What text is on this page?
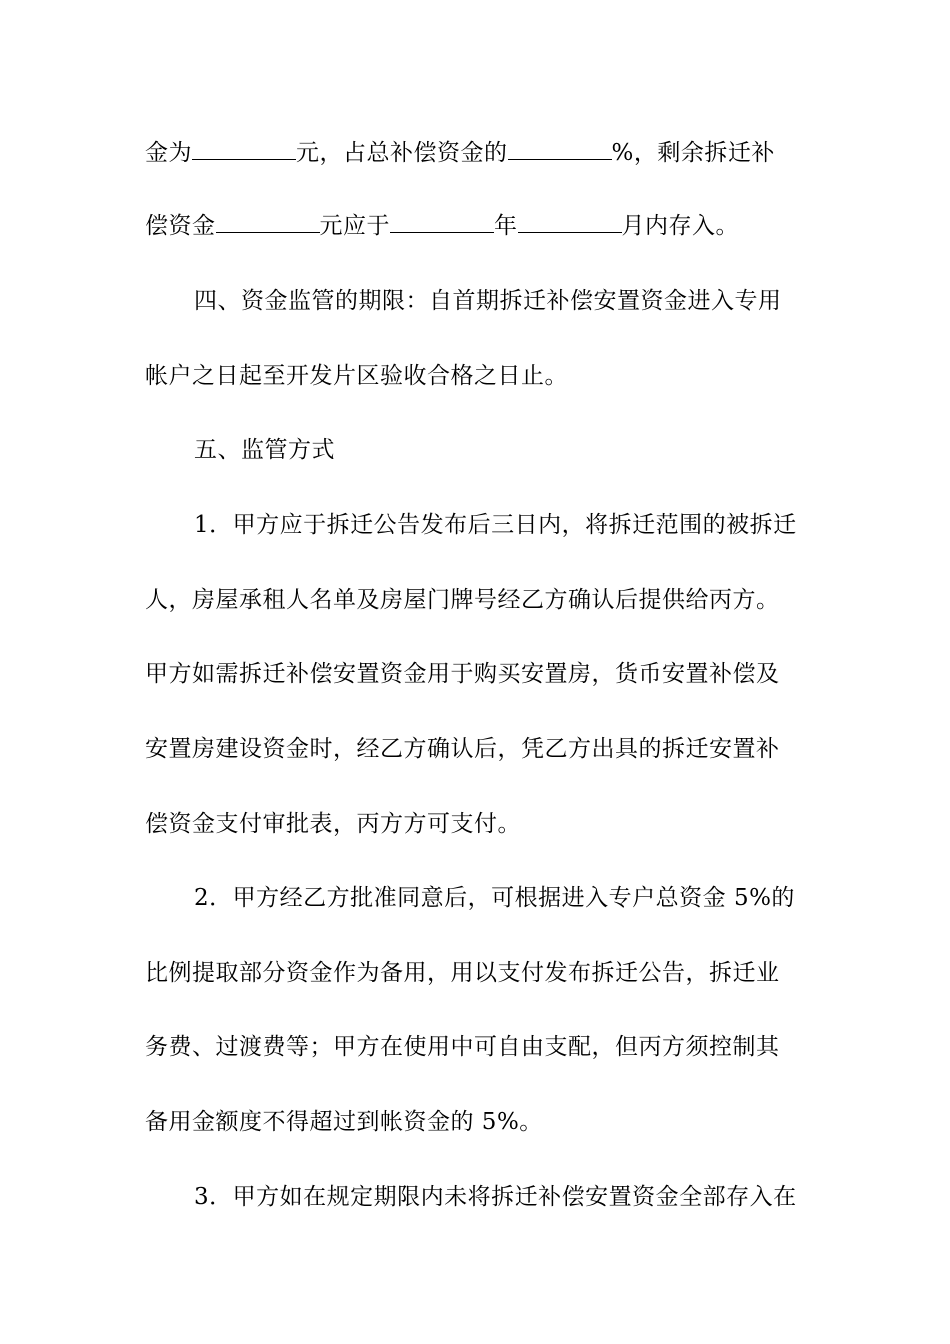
金为	元，占总补偿资金的	%，剩余拆迁补
偿资金	元应于	年	月内存入。
四、资金监管的期限：自首期拆迁补偿安置资金进入专用
帐户之日起至开发片区验收合格之日止。
五、监管方式
1．甲方应于拆迁公告发布后三日内，将拆迁范围的被拆迁
人，房屋承租人名单及房屋门牌号经乙方确认后提供给丙方。
甲方如需拆迁补偿安置资金用于购买安置房，货币安置补偿及
安置房建设资金时，经乙方确认后，凭乙方出具的拆迁安置补
偿资金支付审批表，丙方方可支付。
2．甲方经乙方批准同意后，可根据进入专户总资金 5%的
比例提取部分资金作为备用，用以支付发布拆迁公告，拆迁业
务费、过渡费等；甲方在使用中可自由支配，但丙方须控制其
备用金额度不得超过到帐资金的 5%。
3．甲方如在规定期限内未将拆迁补偿安置资金全部存入在
